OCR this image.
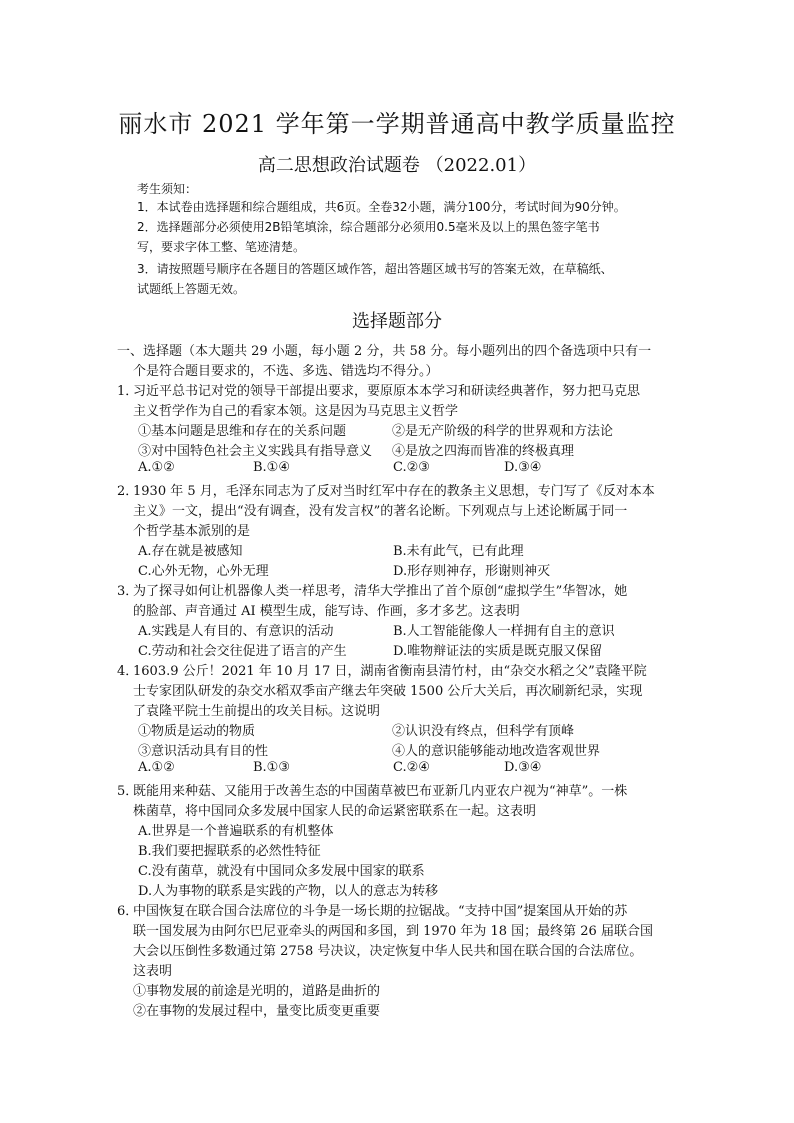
丽水市 2021 学年第一学期普通高中教学质量监控
高二思想政治试题卷 （2022.01）
考生须知：
1．本试卷由选择题和综合题组成，共6页。全卷32小题，满分100分，考试时间为90分钟。
2．选择题部分必须使用2B铅笔填涂，综合题部分必须用0.5毫米及以上的黑色签字笔书
写，要求字体工整、笔迹清楚。
3．请按照题号顺序在各题目的答题区域作答，超出答题区域书写的答案无效，在草稿纸、
试题纸上答题无效。
选择题部分
一、选择题（本大题共 29 小题，每小题 2 分，共 58 分。每小题列出的四个备选项中只有一
个是符合题目要求的，不选、多选、错选均不得分。）
1．
习近平总书记对党的领导干部提出要求，要原原本本学习和研读经典著作，努力把马克思
主义哲学作为自己的看家本领。这是因为马克思主义哲学
①基本问题是思维和存在的关系问题	②是无产阶级的科学的世界观和方法论
③对中国特色社会主义实践具有指导意义 ④是放之四海而皆准的终极真理
A.①②	B.①④	C.②③	D.③④
2．
1930 年 5 月，毛泽东同志为了反对当时红军中存在的教条主义思想，专门写了《反对本本
主义》一文，提出“没有调查，没有发言权”的著名论断。下列观点与上述论断属于同一
个哲学基本派别的是
A.存在就是被感知	B.未有此气，已有此理
C.心外无物，心外无理	D.形存则神存，形谢则神灭
3．
为了探寻如何让机器像人类一样思考，清华大学推出了首个原创“虚拟学生”华智冰，她
的脸部、声音通过 AI 模型生成，能写诗、作画，多才多艺。这表明
A.实践是人有目的、有意识的活动	B.人工智能能像人一样拥有自主的意识
C.劳动和社会交往促进了语言的产生	D.唯物辩证法的实质是既克服又保留
4．
1603.9 公斤！2021 年 10 月 17 日，湖南省衡南县清竹村，由“杂交水稻之父”袁隆平院
士专家团队研发的杂交水稻双季亩产继去年突破 1500 公斤大关后，再次刷新纪录，实现
了袁隆平院士生前提出的攻关目标。这说明
①物质是运动的物质	②认识没有终点，但科学有顶峰
③意识活动具有目的性	④人的意识能够能动地改造客观世界
A.①②	B.①③	C.②④	D.③④
5．
既能用来种菇、又能用于改善生态的中国菌草被巴布亚新几内亚农户视为“神草”。一株
株菌草，将中国同众多发展中国家人民的命运紧密联系在一起。这表明
A.世界是一个普遍联系的有机整体
B.我们要把握联系的必然性特征
C.没有菌草，就没有中国同众多发展中国家的联系
D.人为事物的联系是实践的产物，以人的意志为转移
6．
中国恢复在联合国合法席位的斗争是一场长期的拉锯战。“支持中国”提案国从开始的苏
联一国发展为由阿尔巴尼亚牵头的两国和多国，到 1970 年为 18 国；最终第 26 届联合国
大会以压倒性多数通过第 2758 号决议，决定恢复中华人民共和国在联合国的合法席位。
这表明
①事物发展的前途是光明的，道路是曲折的
②在事物的发展过程中，量变比质变更重要
